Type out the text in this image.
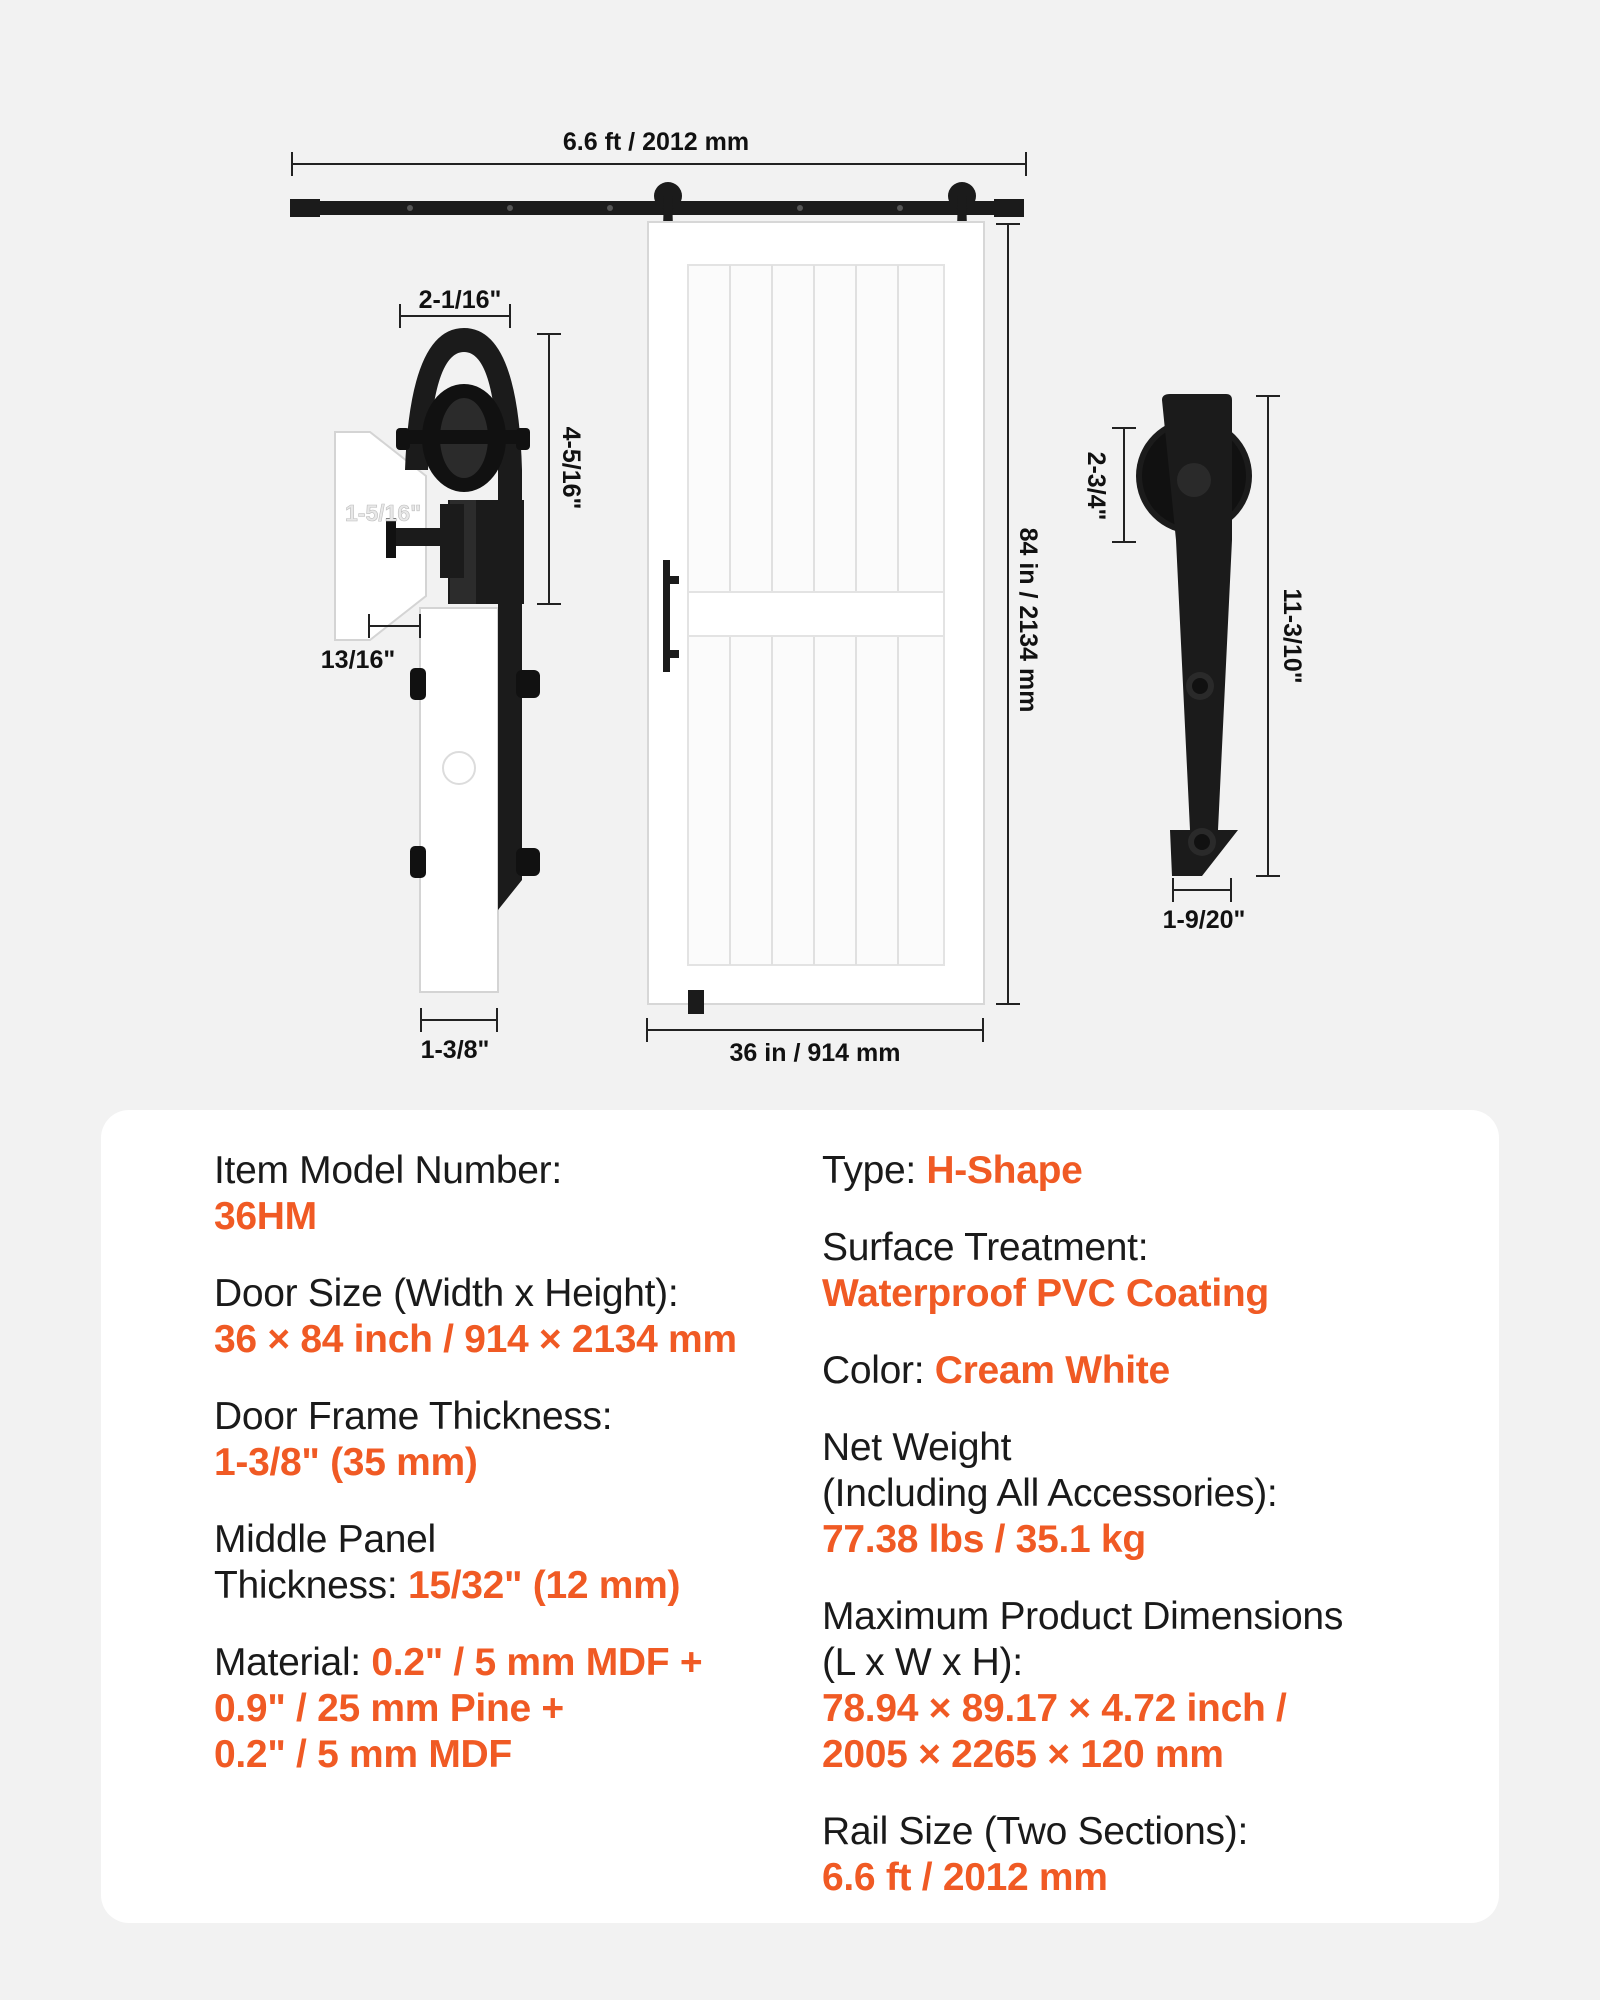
6.6 ft / 2012 mm
84 in / 2134 mm
36 in / 914 mm
2-1/16"
4-5/16"
1-5/16"
13/16"
1-3/8"
2-3/4"
11-3/10"
1-9/20"
Item Model Number:
36HM
Door Size (Width x Height):
36 × 84 inch / 914 × 2134 mm
Door Frame Thickness:
1-3/8" (35 mm)
Middle Panel
Thickness: 15/32" (12 mm)
Material: 0.2" / 5 mm MDF +
0.9" / 25 mm Pine +
0.2" / 5 mm MDF
Type: H-Shape
Surface Treatment:
Waterproof PVC Coating
Color: Cream White
Net Weight
(Including All Accessories):
77.38 lbs / 35.1 kg
Maximum Product Dimensions
(L x W x H):
78.94 × 89.17 × 4.72 inch /
2005 × 2265 × 120 mm
Rail Size (Two Sections):
6.6 ft / 2012 mm
